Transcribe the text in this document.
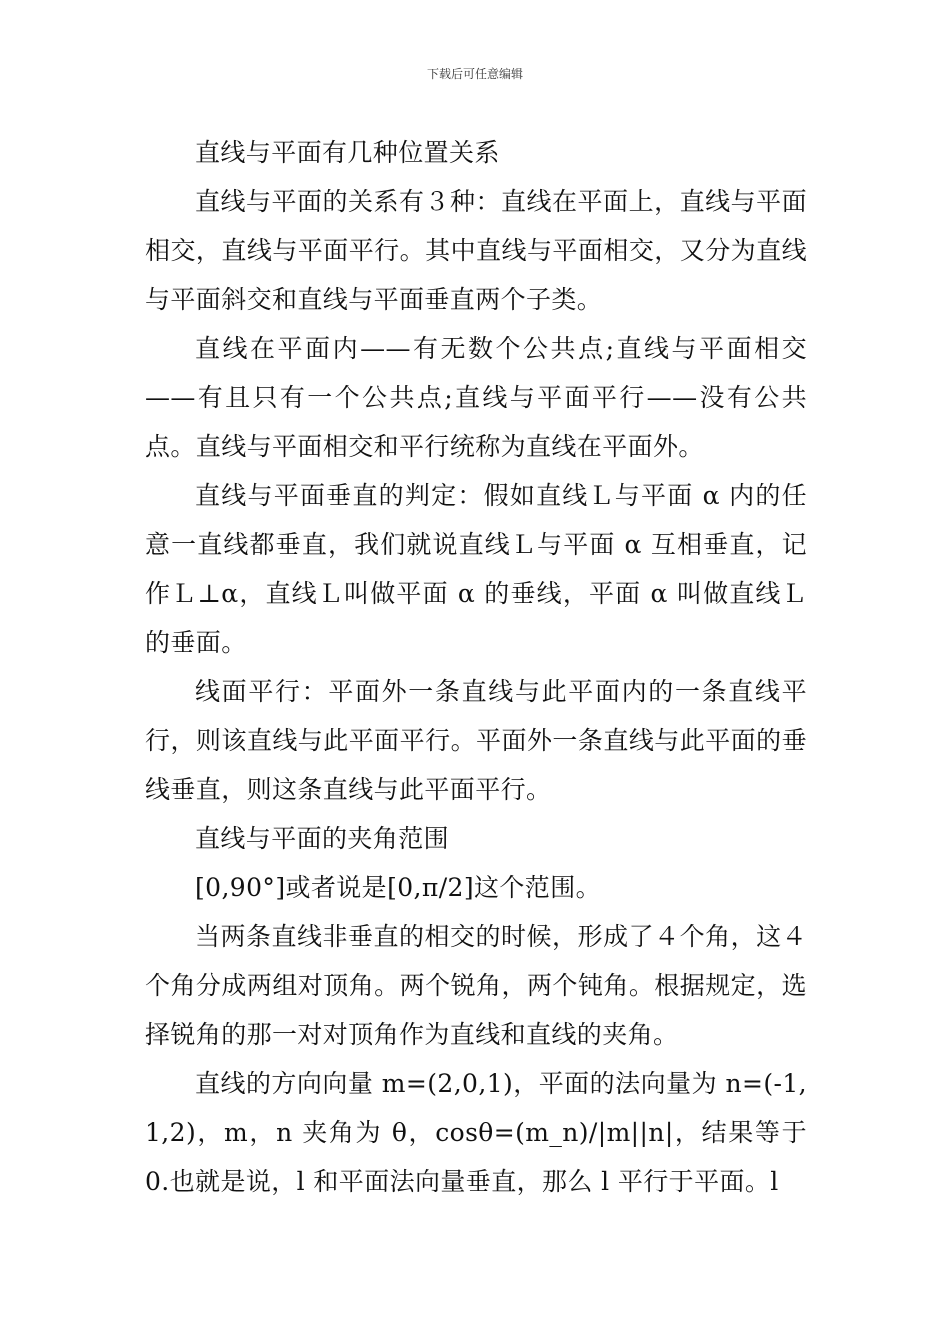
下载后可任意编辑

直线与平面有几种位置关系

直线与平面的关系有３种：直线在平面上，直线与平面相交，直线与平面平行。其中直线与平面相交，又分为直线与平面斜交和直线与平面垂直两个子类。

直线在平面内——有无数个公共点;直线与平面相交——有且只有一个公共点;直线与平面平行——没有公共点。直线与平面相交和平行统称为直线在平面外。

直线与平面垂直的判定：假如直线Ｌ与平面 α 内的任意一直线都垂直，我们就说直线Ｌ与平面 α 互相垂直，记作Ｌ⊥α，直线Ｌ叫做平面 α 的垂线，平面 α 叫做直线Ｌ的垂面。

线面平行：平面外一条直线与此平面内的一条直线平行，则该直线与此平面平行。平面外一条直线与此平面的垂线垂直，则这条直线与此平面平行。

直线与平面的夹角范围

[0,90°]或者说是[0,π/2]这个范围。

当两条直线非垂直的相交的时候，形成了４个角，这４个角分成两组对顶角。两个锐角，两个钝角。根据规定，选择锐角的那一对对顶角作为直线和直线的夹角。

直线的方向向量 m=(2,0,1)，平面的法向量为 n=(-1,1,2)，m，n 夹角为 θ，cosθ=(m_n)/|m||n|，结果等于0.也就是说，l 和平面法向量垂直，那么 l 平行于平面。l
